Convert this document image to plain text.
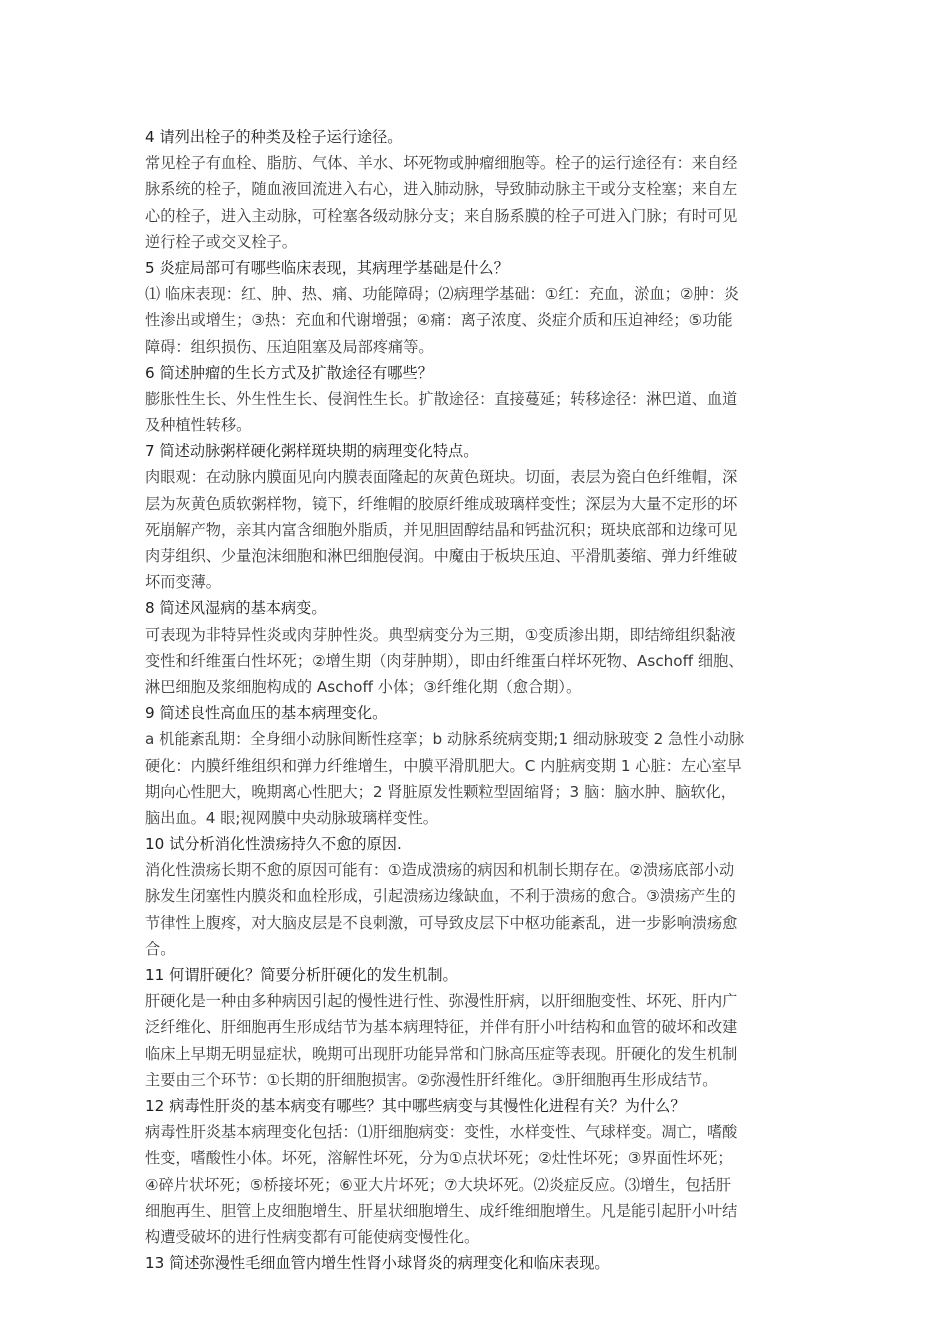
4 请列出栓子的种类及栓子运行途径。
常见栓子有血栓、脂肪、气体、羊水、坏死物或肿瘤细胞等。栓子的运行途径有：来自经
脉系统的栓子，随血液回流进入右心，进入肺动脉，导致肺动脉主干或分支栓塞；来自左
心的栓子，进入主动脉，可栓塞各级动脉分支；来自肠系膜的栓子可进入门脉；有时可见
逆行栓子或交叉栓子。
5 炎症局部可有哪些临床表现，其病理学基础是什么？
⑴ 临床表现：红、肿、热、痛、功能障碍；⑵病理学基础：①红：充血，淤血；②肿：炎
性渗出或增生；③热：充血和代谢增强；④痛：离子浓度、炎症介质和压迫神经；⑤功能
障碍：组织损伤、压迫阻塞及局部疼痛等。
6 简述肿瘤的生长方式及扩散途径有哪些？
膨胀性生长、外生性生长、侵润性生长。扩散途径：直接蔓延；转移途径：淋巴道、血道
及种植性转移。
7 简述动脉粥样硬化粥样斑块期的病理变化特点。
肉眼观：在动脉内膜面见向内膜表面隆起的灰黄色斑块。切面，表层为瓷白色纤维帽，深
层为灰黄色质软粥样物，镜下，纤维帽的胶原纤维成玻璃样变性；深层为大量不定形的坏
死崩解产物，亲其内富含细胞外脂质，并见胆固醇结晶和钙盐沉积；斑块底部和边缘可见
肉芽组织、少量泡沫细胞和淋巴细胞侵润。中魔由于板块压迫、平滑肌萎缩、弹力纤维破
坏而变薄。
8 简述风湿病的基本病变。
可表现为非特异性炎或肉芽肿性炎。典型病变分为三期，①变质渗出期，即结缔组织黏液
变性和纤维蛋白性坏死；②增生期（肉芽肿期），即由纤维蛋白样坏死物、Aschoff 细胞、
淋巴细胞及浆细胞构成的 Aschoff 小体；③纤维化期（愈合期）。
9 简述良性高血压的基本病理变化。
a 机能紊乱期：全身细小动脉间断性痉挛；b 动脉系统病变期;1 细动脉玻变 2 急性小动脉
硬化：内膜纤维组织和弹力纤维增生，中膜平滑肌肥大。C 内脏病变期 1 心脏：左心室早
期向心性肥大，晚期离心性肥大；2 肾脏原发性颗粒型固缩肾；3 脑：脑水肿、脑软化，
脑出血。4 眼;视网膜中央动脉玻璃样变性。
10 试分析消化性溃疡持久不愈的原因.
消化性溃疡长期不愈的原因可能有：①造成溃疡的病因和机制长期存在。②溃疡底部小动
脉发生闭塞性内膜炎和血栓形成，引起溃疡边缘缺血，不利于溃疡的愈合。③溃疡产生的
节律性上腹疼，对大脑皮层是不良刺激，可导致皮层下中枢功能紊乱，进一步影响溃疡愈
合。
11 何谓肝硬化？简要分析肝硬化的发生机制。
肝硬化是一种由多种病因引起的慢性进行性、弥漫性肝病，以肝细胞变性、坏死、肝内广
泛纤维化、肝细胞再生形成结节为基本病理特征，并伴有肝小叶结构和血管的破坏和改建
临床上早期无明显症状，晚期可出现肝功能异常和门脉高压症等表现。肝硬化的发生机制
主要由三个环节：①长期的肝细胞损害。②弥漫性肝纤维化。③肝细胞再生形成结节。
12 病毒性肝炎的基本病变有哪些？其中哪些病变与其慢性化进程有关？为什么？
病毒性肝炎基本病理变化包括：⑴肝细胞病变：变性，水样变性、气球样变。凋亡，嗜酸
性变，嗜酸性小体。坏死，溶解性坏死，分为①点状坏死；②灶性坏死；③界面性坏死；
④碎片状坏死；⑤桥接坏死；⑥亚大片坏死；⑦大块坏死。⑵炎症反应。⑶增生，包括肝
细胞再生、胆管上皮细胞增生、肝星状细胞增生、成纤维细胞增生。凡是能引起肝小叶结
构遭受破坏的进行性病变都有可能使病变慢性化。
13 简述弥漫性毛细血管内增生性肾小球肾炎的病理变化和临床表现。
